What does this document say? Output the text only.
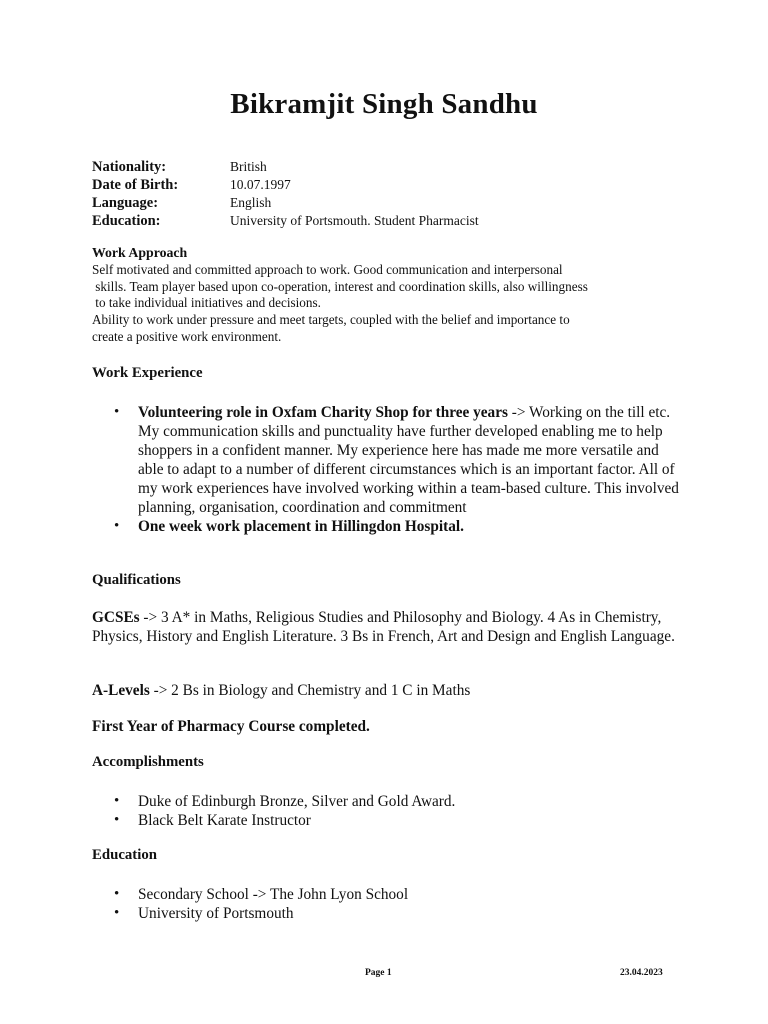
Bikramjit Singh Sandhu
Nationality:	British
Date of Birth:	10.07.1997
Language:	English
Education:	University of Portsmouth. Student Pharmacist

Work Approach

Self motivated and committed approach to work. Good communication and interpersonal

skills. Team player based upon co-operation, interest and coordination skills, also willingness

to take individual initiatives and decisions.

Ability to work under pressure and meet targets, coupled with the belief and importance to

create a positive work environment.

Work Experience
• Volunteering role in Oxfam Charity Shop for three years -> Working on the till etc. My communication skills and punctuality have further developed enabling me to help shoppers in a confident manner. My experience here has made me more versatile and able to adapt to a number of different circumstances which is an important factor. All of my work experiences have involved working within a team-based culture. This involved planning, organisation, coordination and commitment
• One week work placement in Hillingdon Hospital.
Qualifications

GCSEs -> 3 A* in Maths, Religious Studies and Philosophy and Biology. 4 As in Chemistry, Physics, History and English Literature. 3 Bs in French, Art and Design and English Language.

A-Levels -> 2 Bs in Biology and Chemistry and 1 C in Maths

First Year of Pharmacy Course completed.

Accomplishments
• Duke of Edinburgh Bronze, Silver and Gold Award.
• Black Belt Karate Instructor
Education
• Secondary School -> The John Lyon School
• University of Portsmouth
Page 1	23.04.2023
